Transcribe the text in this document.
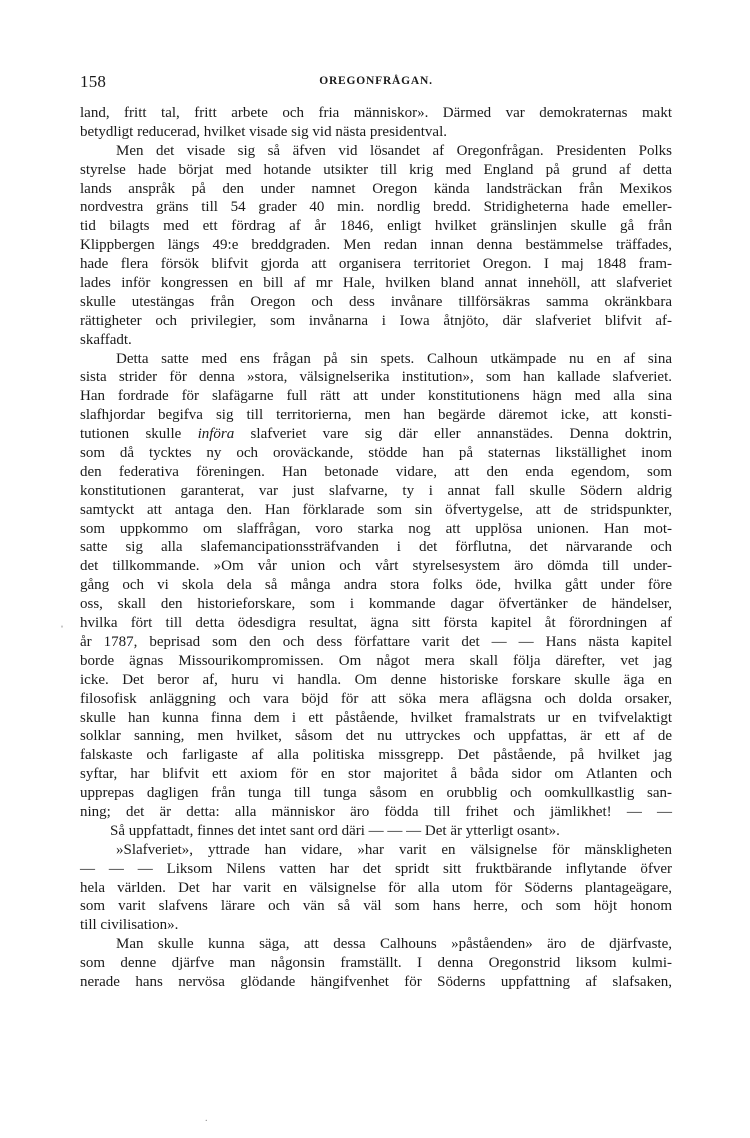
158	OREGONFRÅGAN.
land, fritt tal, fritt arbete och fria människor». Därmed var demokraternas makt
betydligt reducerad, hvilket visade sig vid nästa presidentval.
Men det visade sig så äfven vid lösandet af Oregonfrågan. Presidenten Polks
styrelse hade börjat med hotande utsikter till krig med England på grund af detta
lands anspråk på den under namnet Oregon kända landsträckan från Mexikos
nordvestra gräns till 54 grader 40 min. nordlig bredd. Stridigheterna hade emeller-
tid bilagts med ett fördrag af år 1846, enligt hvilket gränslinjen skulle gå från
Klippbergen längs 49:e breddgraden. Men redan innan denna bestämmelse träffades,
hade flera försök blifvit gjorda att organisera territoriet Oregon. I maj 1848 fram-
lades inför kongressen en bill af mr Hale, hvilken bland annat innehöll, att slafveriet
skulle utestängas från Oregon och dess invånare tillförsäkras samma okränkbara
rättigheter och privilegier, som invånarna i Iowa åtnjöto, där slafveriet blifvit af-
skaffadt.
Detta satte med ens frågan på sin spets. Calhoun utkämpade nu en af sina
sista strider för denna »stora, välsignelserika institution», som han kallade slafveriet.
Han fordrade för slafägarne full rätt att under konstitutionens hägn med alla sina
slafhjordar begifva sig till territorierna, men han begärde däremot icke, att konsti-
tutionen skulle införa slafveriet vare sig där eller annanstädes. Denna doktrin,
som då tycktes ny och oroväckande, stödde han på staternas likställighet inom
den federativa föreningen. Han betonade vidare, att den enda egendom, som
konstitutionen garanterat, var just slafvarne, ty i annat fall skulle Södern aldrig
samtyckt att antaga den. Han förklarade som sin öfvertygelse, att de stridspunkter,
som uppkommo om slaffrågan, voro starka nog att upplösa unionen. Han mot-
satte sig alla slafemancipationssträfvanden i det förflutna, det närvarande och
det tillkommande. »Om vår union och vårt styrelsesystem äro dömda till under-
gång och vi skola dela så många andra stora folks öde, hvilka gått under före
oss, skall den historieforskare, som i kommande dagar öfvertänker de händelser,
hvilka fört till detta ödesdigra resultat, ägna sitt första kapitel åt förordningen af
år 1787, beprisad som den och dess författare varit det — — Hans nästa kapitel
borde ägnas Missourikompromissen. Om något mera skall följa därefter, vet jag
icke. Det beror af, huru vi handla. Om denne historiske forskare skulle äga en
filosofisk anläggning och vara böjd för att söka mera aflägsna och dolda orsaker,
skulle han kunna finna dem i ett påstående, hvilket framalstrats ur en tvifvelaktigt
solklar sanning, men hvilket, såsom det nu uttryckes och uppfattas, är ett af de
falskaste och farligaste af alla politiska missgrepp. Det påstående, på hvilket jag
syftar, har blifvit ett axiom för en stor majoritet å båda sidor om Atlanten och
upprepas dagligen från tunga till tunga såsom en orubblig och oomkullkastlig san-
ning; det är detta: alla människor äro födda till frihet och jämlikhet! — —
Så uppfattadt, finnes det intet sant ord däri — — — Det är ytterligt osant».
»Slafveriet», yttrade han vidare, »har varit en välsignelse för mänskligheten
— — — Liksom Nilens vatten har det spridt sitt fruktbärande inflytande öfver
hela världen. Det har varit en välsignelse för alla utom för Söderns plantageägare,
som varit slafvens lärare och vän så väl som hans herre, och som höjt honom
till civilisation».
Man skulle kunna säga, att dessa Calhouns »påståenden» äro de djärfvaste,
som denne djärfve man någonsin framställt. I denna Oregonstrid liksom kulmi-
nerade hans nervösa glödande hängifvenhet för Söderns uppfattning af slafsaken,
ˌ
.
